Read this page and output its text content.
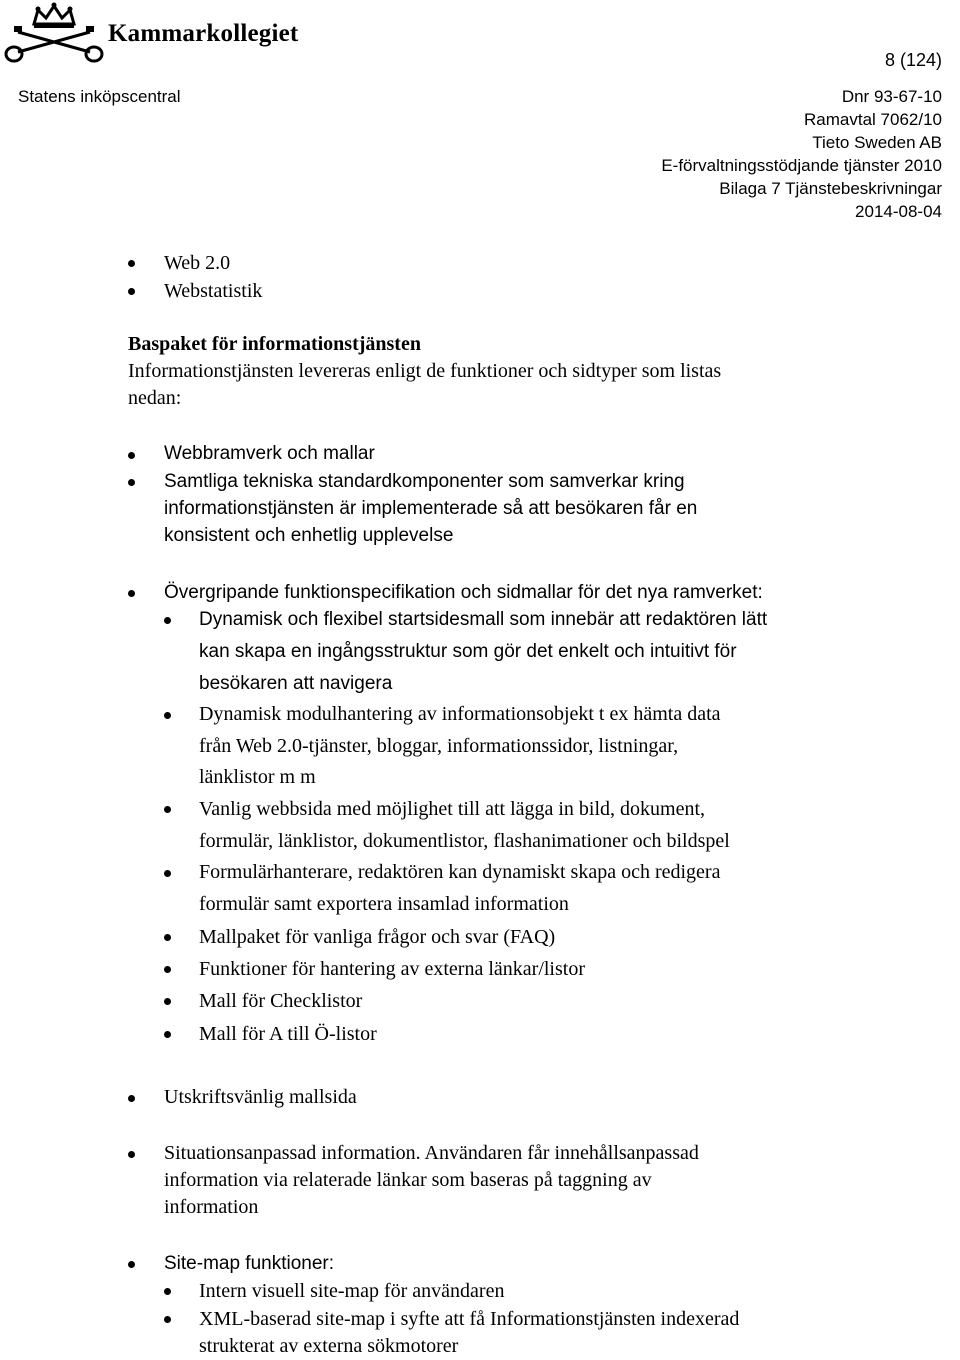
Kammarkollegiet
8 (124)
Statens inköpscentral	Dnr 93-67-10
Ramavtal 7062/10
Tieto Sweden AB
E-förvaltningsstödjande tjänster 2010
Bilaga 7 Tjänstebeskrivningar
2014-08-04
Web 2.0
Webstatistik
Baspaket för informationstjänsten
Informationstjänsten levereras enligt de funktioner och sidtyper som listas
nedan:
Webbramverk och mallar
Samtliga tekniska standardkomponenter som samverkar kring
informationstjänsten är implementerade så att besökaren får en
konsistent och enhetlig upplevelse
Övergripande funktionspecifikation och sidmallar för det nya ramverket:
Dynamisk och flexibel startsidesmall som innebär att redaktören lätt
kan skapa en ingångsstruktur som gör det enkelt och intuitivt för
besökaren att navigera
Dynamisk modulhantering av informationsobjekt t ex hämta data
från Web 2.0-tjänster, bloggar, informationssidor, listningar,
länklistor m m
Vanlig webbsida med möjlighet till att lägga in bild, dokument,
formulär, länklistor, dokumentlistor, flashanimationer och bildspel
Formulärhanterare, redaktören kan dynamiskt skapa och redigera
formulär samt exportera insamlad information
Mallpaket för vanliga frågor och svar (FAQ)
Funktioner för hantering av externa länkar/listor
Mall för Checklistor
Mall för A till Ö-listor
Utskriftsvänlig mallsida
Situationsanpassad information. Användaren får innehållsanpassad
information via relaterade länkar som baseras på taggning av
information
Site-map funktioner:
Intern visuell site-map för användaren
XML-baserad site-map i syfte att få Informationstjänsten indexerad
strukterat av externa sökmotorer
